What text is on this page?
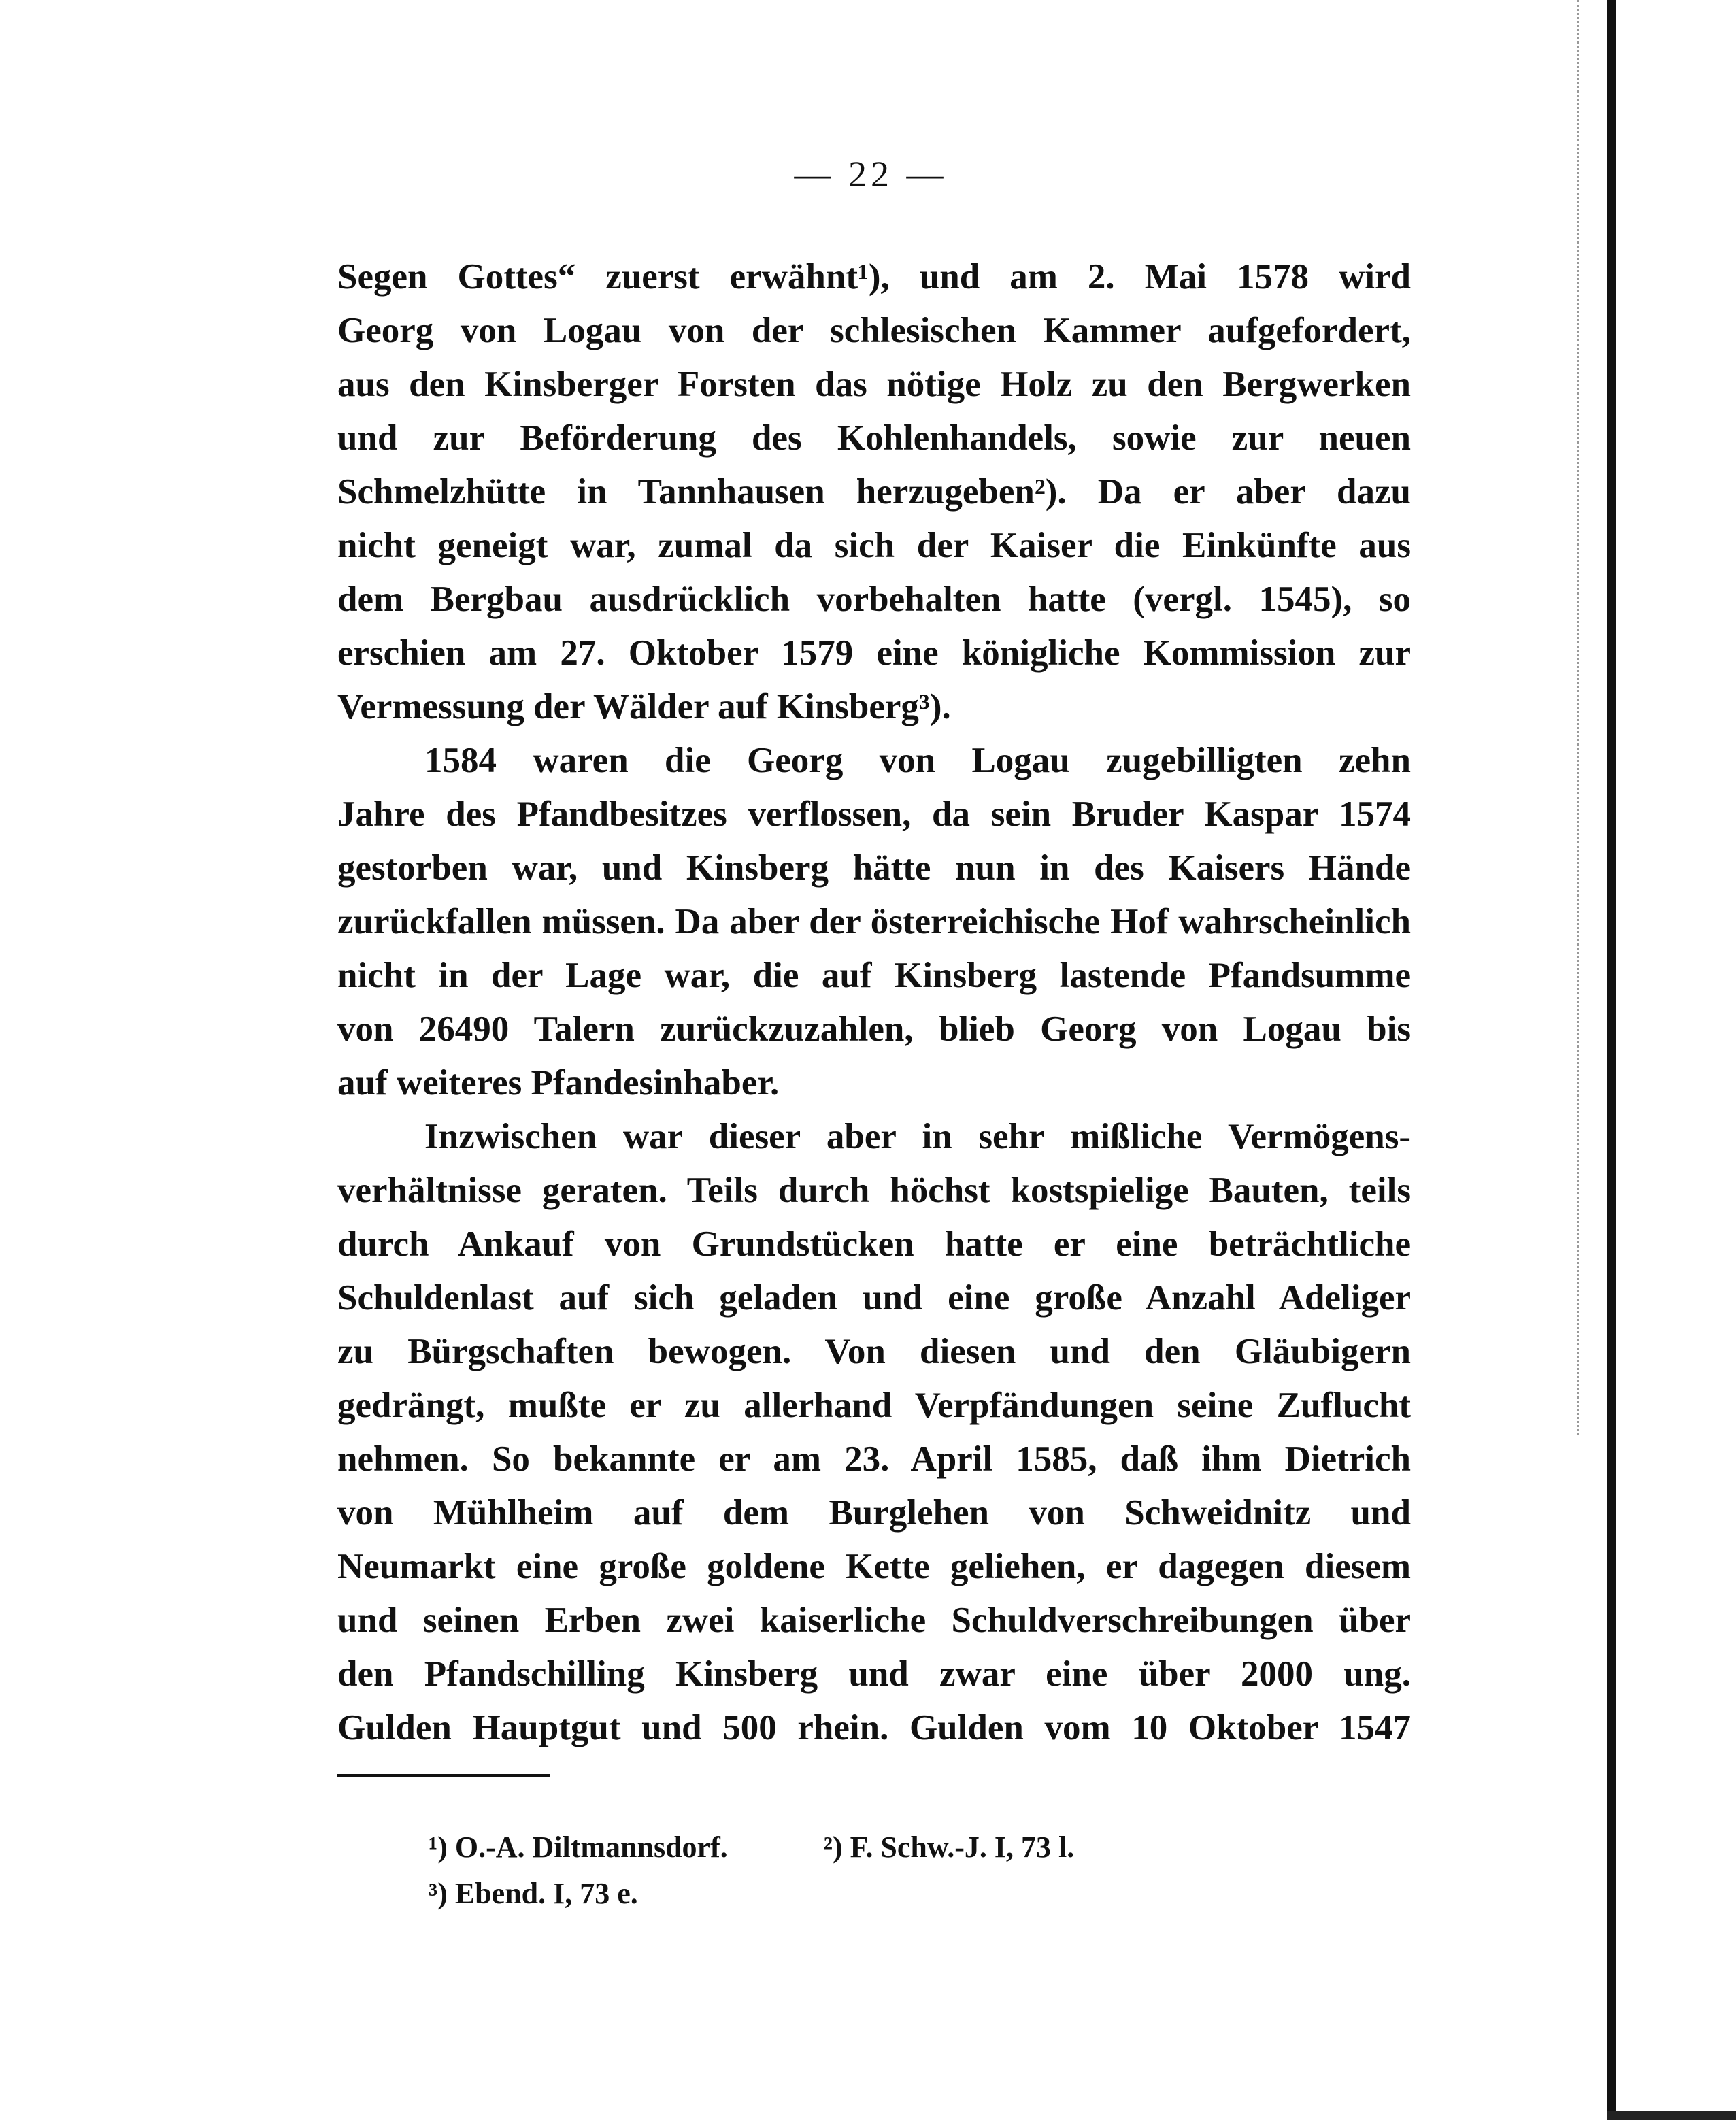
— 22 —
Segen Gottes“ zuerst erwähnt¹), und am 2. Mai 1578 wird
Georg von Logau von der schlesischen Kammer aufgefordert,
aus den Kinsberger Forsten das nötige Holz zu den Bergwerken
und zur Beförderung des Kohlenhandels, sowie zur neuen
Schmelzhütte in Tannhausen herzugeben²). Da er aber dazu
nicht geneigt war, zumal da sich der Kaiser die Einkünfte aus
dem Bergbau ausdrücklich vorbehalten hatte (vergl. 1545), so
erschien am 27. Oktober 1579 eine königliche Kommission zur
Vermessung der Wälder auf Kinsberg³).
1584 waren die Georg von Logau zugebilligten zehn
Jahre des Pfandbesitzes verflossen, da sein Bruder Kaspar 1574
gestorben war, und Kinsberg hätte nun in des Kaisers Hände
zurückfallen müssen. Da aber der österreichische Hof wahrscheinlich
nicht in der Lage war, die auf Kinsberg lastende Pfandsumme
von 26490 Talern zurückzuzahlen, blieb Georg von Logau bis
auf weiteres Pfandesinhaber.
Inzwischen war dieser aber in sehr mißliche Vermögens-
verhältnisse geraten. Teils durch höchst kostspielige Bauten, teils
durch Ankauf von Grundstücken hatte er eine beträchtliche
Schuldenlast auf sich geladen und eine große Anzahl Adeliger
zu Bürgschaften bewogen. Von diesen und den Gläubigern
gedrängt, mußte er zu allerhand Verpfändungen seine Zuflucht
nehmen. So bekannte er am 23. April 1585, daß ihm Dietrich
von Mühlheim auf dem Burglehen von Schweidnitz und
Neumarkt eine große goldene Kette geliehen, er dagegen diesem
und seinen Erben zwei kaiserliche Schuldverschreibungen über
den Pfandschilling Kinsberg und zwar eine über 2000 ung.
Gulden Hauptgut und 500 rhein. Gulden vom 10 Oktober 1547
¹) O.-A. Diltmannsdorf.	²) F. Schw.-J. I, 73 l.
³) Ebend. I, 73 e.
